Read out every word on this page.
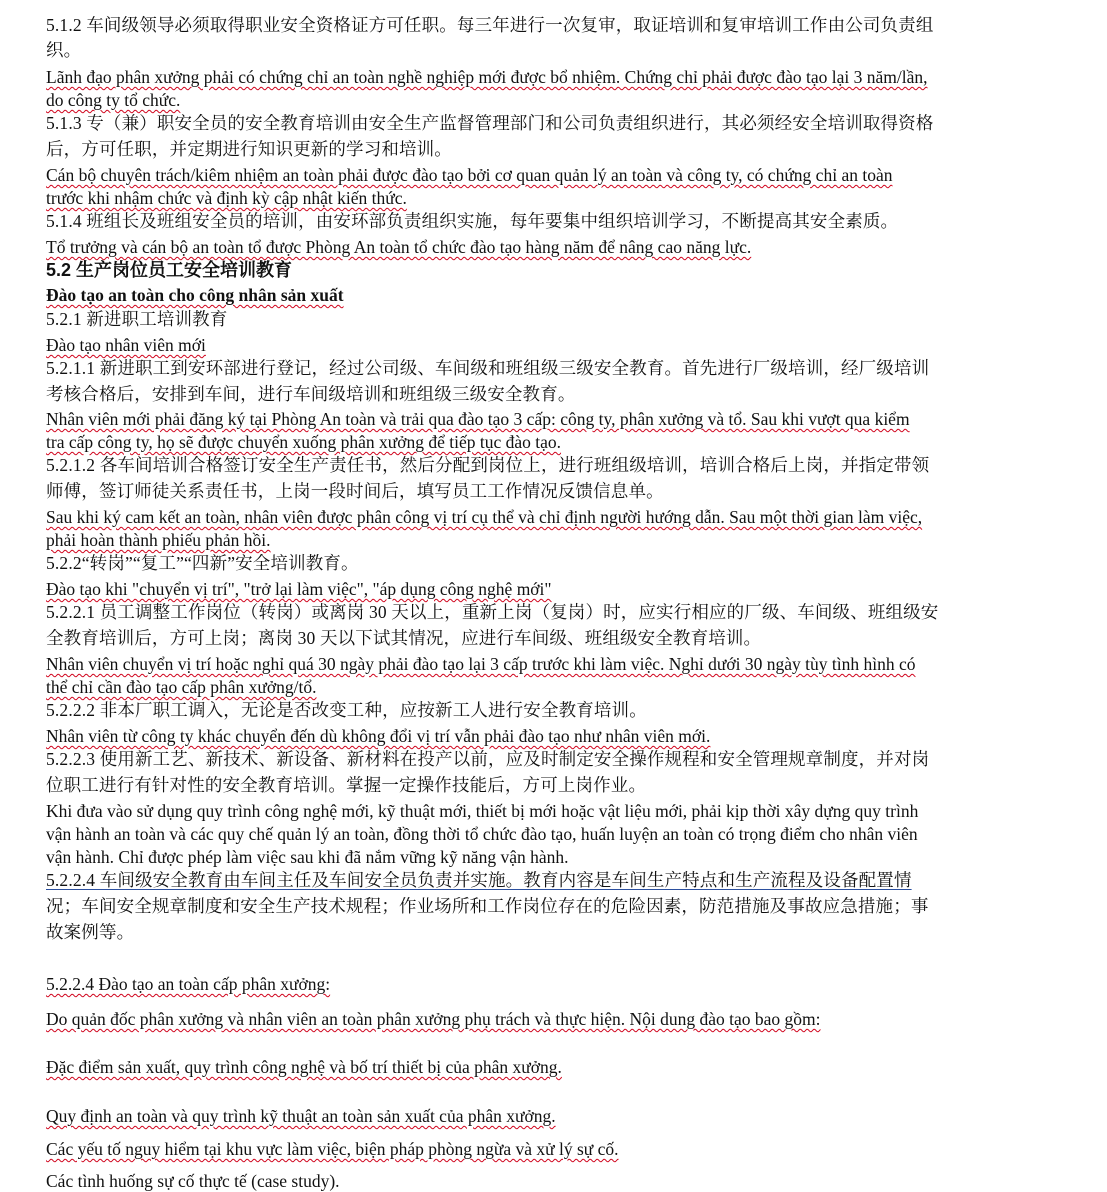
5.1.2 车间级领导必须取得职业安全资格证方可任职。每三年进行一次复审，取证培训和复审培训工作由公司负责组
织。
Lãnh đạo phân xưởng phải có chứng chỉ an toàn nghề nghiệp mới được bổ nhiệm. Chứng chỉ phải được đào tạo lại 3 năm/lần,
do công ty tổ chức.
5.1.3 专（兼）职安全员的安全教育培训由安全生产监督管理部门和公司负责组织进行，其必须经安全培训取得资格
后，方可任职，并定期进行知识更新的学习和培训。
Cán bộ chuyên trách/kiêm nhiệm an toàn phải được đào tạo bởi cơ quan quản lý an toàn và công ty, có chứng chỉ an toàn
trước khi nhậm chức và định kỳ cập nhật kiến thức.
5.1.4 班组长及班组安全员的培训，由安环部负责组织实施，每年要集中组织培训学习，不断提高其安全素质。
Tổ trưởng và cán bộ an toàn tổ được Phòng An toàn tổ chức đào tạo hàng năm để nâng cao năng lực.
5.2 生产岗位员工安全培训教育
Đào tạo an toàn cho công nhân sản xuất
5.2.1 新进职工培训教育
Đào tạo nhân viên mới
5.2.1.1 新进职工到安环部进行登记，经过公司级、车间级和班组级三级安全教育。首先进行厂级培训，经厂级培训
考核合格后，安排到车间，进行车间级培训和班组级三级安全教育。
Nhân viên mới phải đăng ký tại Phòng An toàn và trải qua đào tạo 3 cấp: công ty, phân xưởng và tổ. Sau khi vượt qua kiểm
tra cấp công ty, họ sẽ được chuyển xuống phân xưởng để tiếp tục đào tạo.
5.2.1.2 各车间培训合格签订安全生产责任书，然后分配到岗位上，进行班组级培训，培训合格后上岗，并指定带领
师傅，签订师徒关系责任书，上岗一段时间后，填写员工工作情况反馈信息单。
Sau khi ký cam kết an toàn, nhân viên được phân công vị trí cụ thể và chỉ định người hướng dẫn. Sau một thời gian làm việc,
phải hoàn thành phiếu phản hồi.
5.2.2“转岗”“复工”“四新”安全培训教育。
Đào tạo khi "chuyển vị trí", "trở lại làm việc", "áp dụng công nghệ mới"
5.2.2.1 员工调整工作岗位（转岗）或离岗 30 天以上，重新上岗（复岗）时，应实行相应的厂级、车间级、班组级安
全教育培训后，方可上岗；离岗 30 天以下试其情况，应进行车间级、班组级安全教育培训。
Nhân viên chuyển vị trí hoặc nghỉ quá 30 ngày phải đào tạo lại 3 cấp trước khi làm việc. Nghỉ dưới 30 ngày tùy tình hình có
thể chỉ cần đào tạo cấp phân xưởng/tổ.
5.2.2.2 非本厂职工调入，无论是否改变工种，应按新工人进行安全教育培训。
Nhân viên từ công ty khác chuyển đến dù không đổi vị trí vẫn phải đào tạo như nhân viên mới.
5.2.2.3 使用新工艺、新技术、新设备、新材料在投产以前，应及时制定安全操作规程和安全管理规章制度，并对岗
位职工进行有针对性的安全教育培训。掌握一定操作技能后，方可上岗作业。
Khi đưa vào sử dụng quy trình công nghệ mới, kỹ thuật mới, thiết bị mới hoặc vật liệu mới, phải kịp thời xây dựng quy trình
vận hành an toàn và các quy chế quản lý an toàn, đồng thời tổ chức đào tạo, huấn luyện an toàn có trọng điểm cho nhân viên
vận hành. Chỉ được phép làm việc sau khi đã nắm vững kỹ năng vận hành.
5.2.2.4 车间级安全教育由车间主任及车间安全员负责并实施。教育内容是车间生产特点和生产流程及设备配置情
况；车间安全规章制度和安全生产技术规程；作业场所和工作岗位存在的危险因素，防范措施及事故应急措施；事
故案例等。
5.2.2.4 Đào tạo an toàn cấp phân xưởng:
Do quản đốc phân xưởng và nhân viên an toàn phân xưởng phụ trách và thực hiện. Nội dung đào tạo bao gồm:
Đặc điểm sản xuất, quy trình công nghệ và bố trí thiết bị của phân xưởng.
Quy định an toàn và quy trình kỹ thuật an toàn sản xuất của phân xưởng.
Các yếu tố nguy hiểm tại khu vực làm việc, biện pháp phòng ngừa và xử lý sự cố.
Các tình huống sự cố thực tế (case study).
